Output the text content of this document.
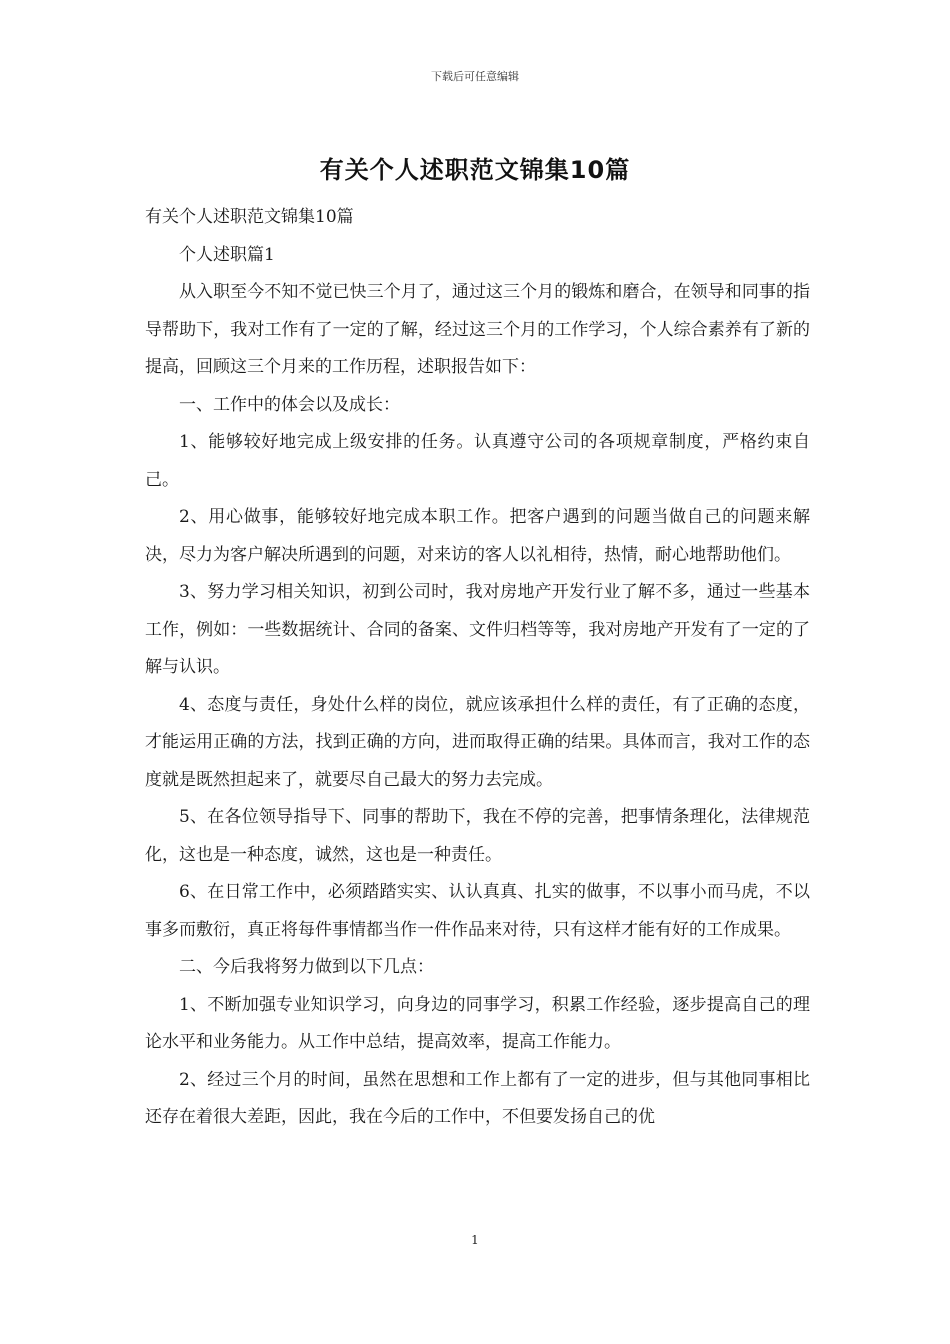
下载后可任意编辑
有关个人述职范文锦集10篇

有关个人述职范文锦集10篇

个人述职篇1

从入职至今不知不觉已快三个月了，通过这三个月的锻炼和磨合，在领导和同事的指导帮助下，我对工作有了一定的了解，经过这三个月的工作学习，个人综合素养有了新的提高，回顾这三个月来的工作历程，述职报告如下：

一、工作中的体会以及成长：

1、能够较好地完成上级安排的任务。认真遵守公司的各项规章制度，严格约束自己。

2、用心做事，能够较好地完成本职工作。把客户遇到的问题当做自己的问题来解决，尽力为客户解决所遇到的问题，对来访的客人以礼相待，热情，耐心地帮助他们。

3、努力学习相关知识，初到公司时，我对房地产开发行业了解不多，通过一些基本工作，例如：一些数据统计、合同的备案、文件归档等等，我对房地产开发有了一定的了解与认识。

4、态度与责任，身处什么样的岗位，就应该承担什么样的责任，有了正确的态度，才能运用正确的方法，找到正确的方向，进而取得正确的结果。具体而言，我对工作的态度就是既然担起来了，就要尽自己最大的努力去完成。

5、在各位领导指导下、同事的帮助下，我在不停的完善，把事情条理化，法律规范化，这也是一种态度，诚然，这也是一种责任。

6、在日常工作中，必须踏踏实实、认认真真、扎实的做事，不以事小而马虎，不以事多而敷衍，真正将每件事情都当作一件作品来对待，只有这样才能有好的工作成果。

二、今后我将努力做到以下几点：

1、不断加强专业知识学习，向身边的同事学习，积累工作经验，逐步提高自己的理论水平和业务能力。从工作中总结，提高效率，提高工作能力。

2、经过三个月的时间，虽然在思想和工作上都有了一定的进步，但与其他同事相比还存在着很大差距，因此，我在今后的工作中，不但要发扬自己的优

1
